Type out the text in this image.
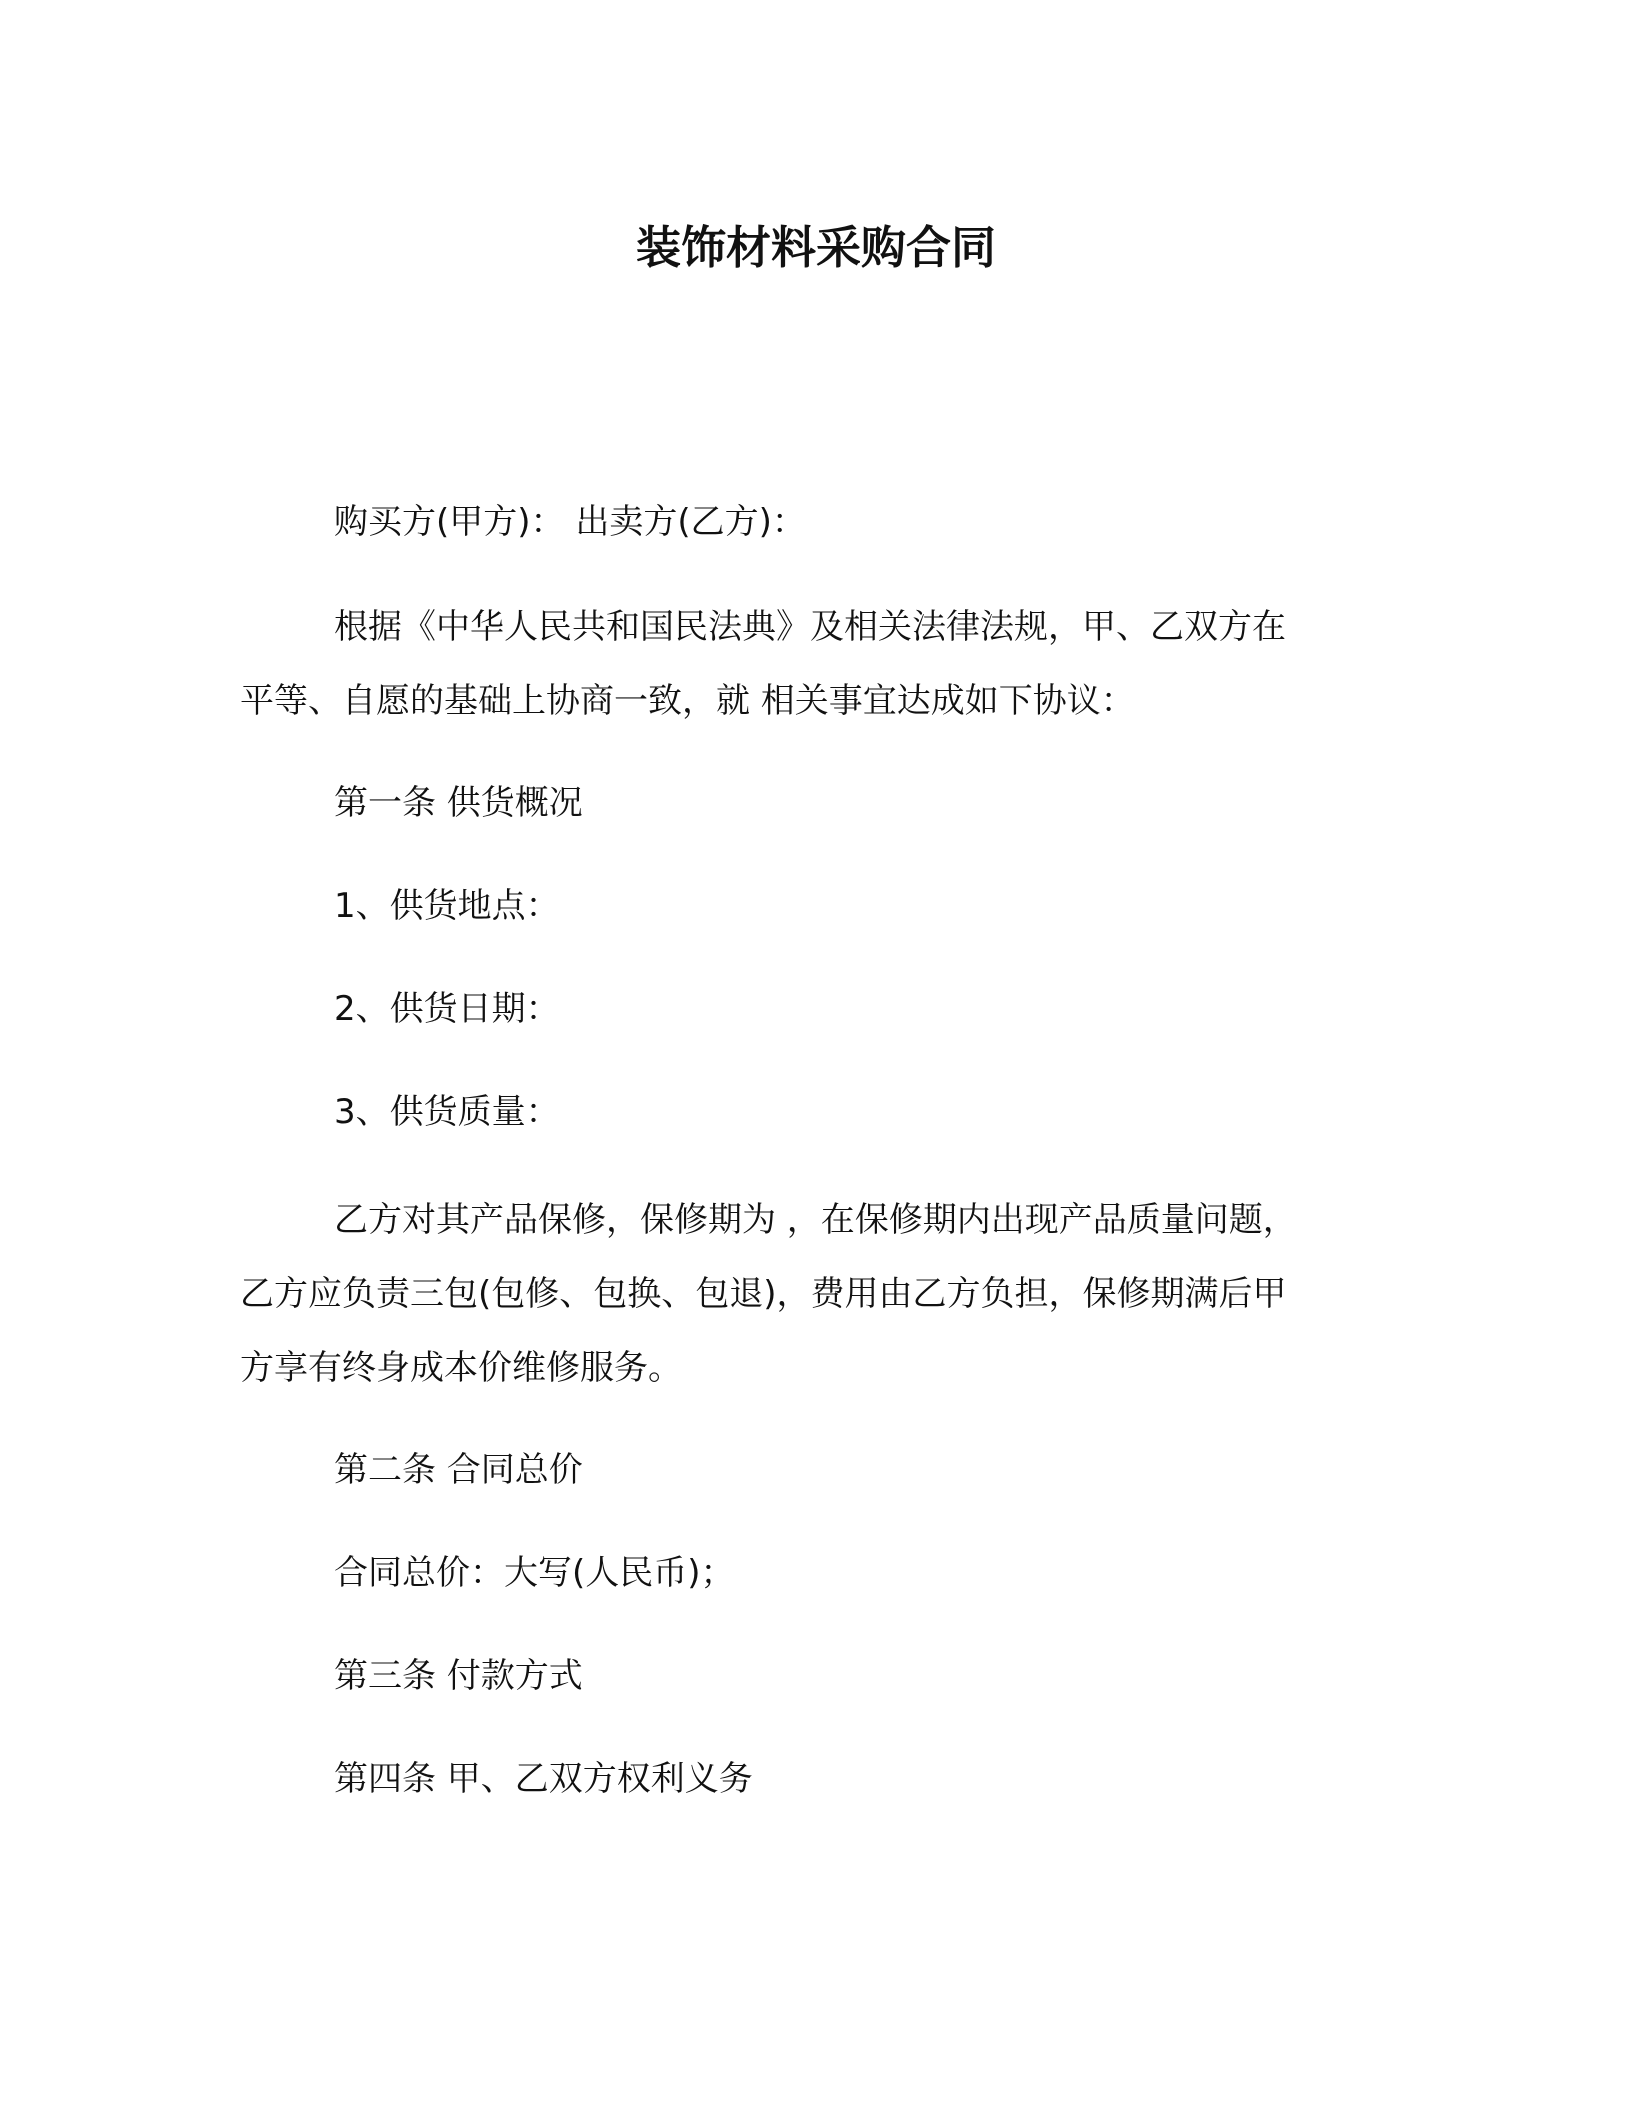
装饰材料采购合同
购买方(甲方)： 出卖方(乙方)：
根据《中华人民共和国民法典》及相关法律法规，甲、乙双方在
平等、自愿的基础上协商一致，就 相关事宜达成如下协议：
第一条 供货概况
1、供货地点：
2、供货日期：
3、供货质量：
乙方对其产品保修，保修期为 ，在保修期内出现产品质量问题，
乙方应负责三包(包修、包换、包退)，费用由乙方负担，保修期满后甲
方享有终身成本价维修服务。
第二条 合同总价
合同总价：大写(人民币)；
第三条 付款方式
第四条 甲、乙双方权利义务
